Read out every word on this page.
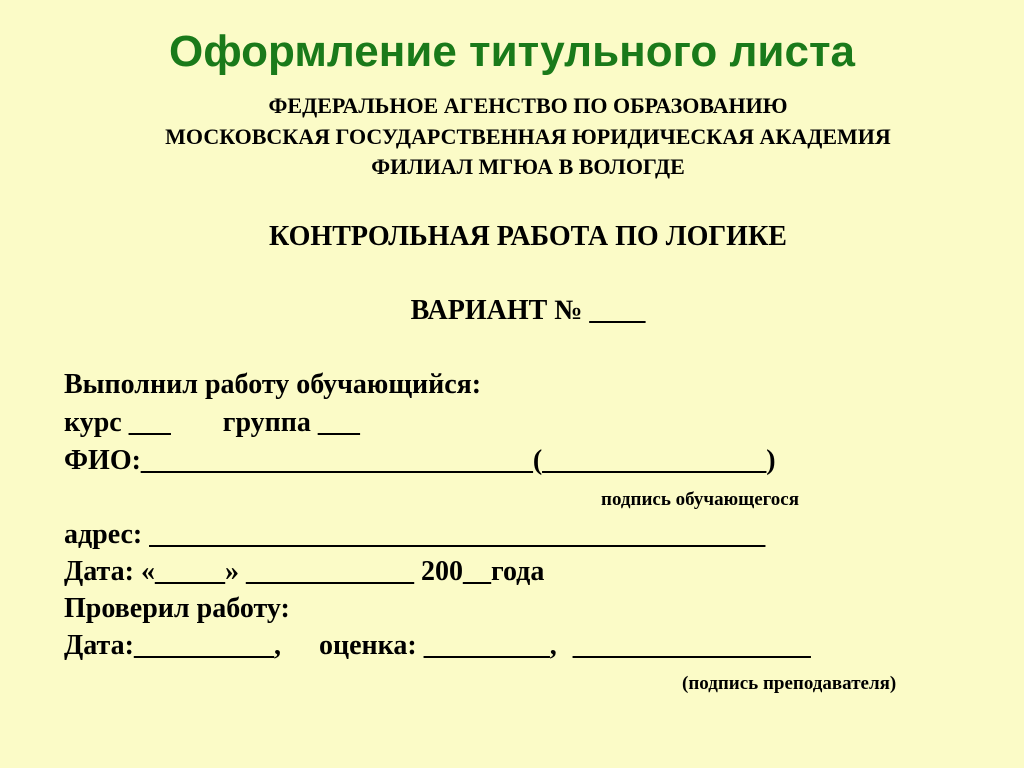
Оформление титульного листа
ФЕДЕРАЛЬНОЕ АГЕНСТВО ПО ОБРАЗОВАНИЮ
МОСКОВСКАЯ ГОСУДАРСТВЕННАЯ ЮРИДИЧЕСКАЯ АКАДЕМИЯ
ФИЛИАЛ МГЮА В ВОЛОГДЕ
КОНТРОЛЬНАЯ РАБОТА ПО ЛОГИКЕ
ВАРИАНТ № ____
Выполнил работу обучающийся:
курс ___ группа ___
ФИО:____________________________(________________)
подпись обучающегося
адрес: ____________________________________________
Дата: «_____» ____________ 200__года
Проверил работу:
Дата:__________, оценка: _________, _________________
(подпись преподавателя)
